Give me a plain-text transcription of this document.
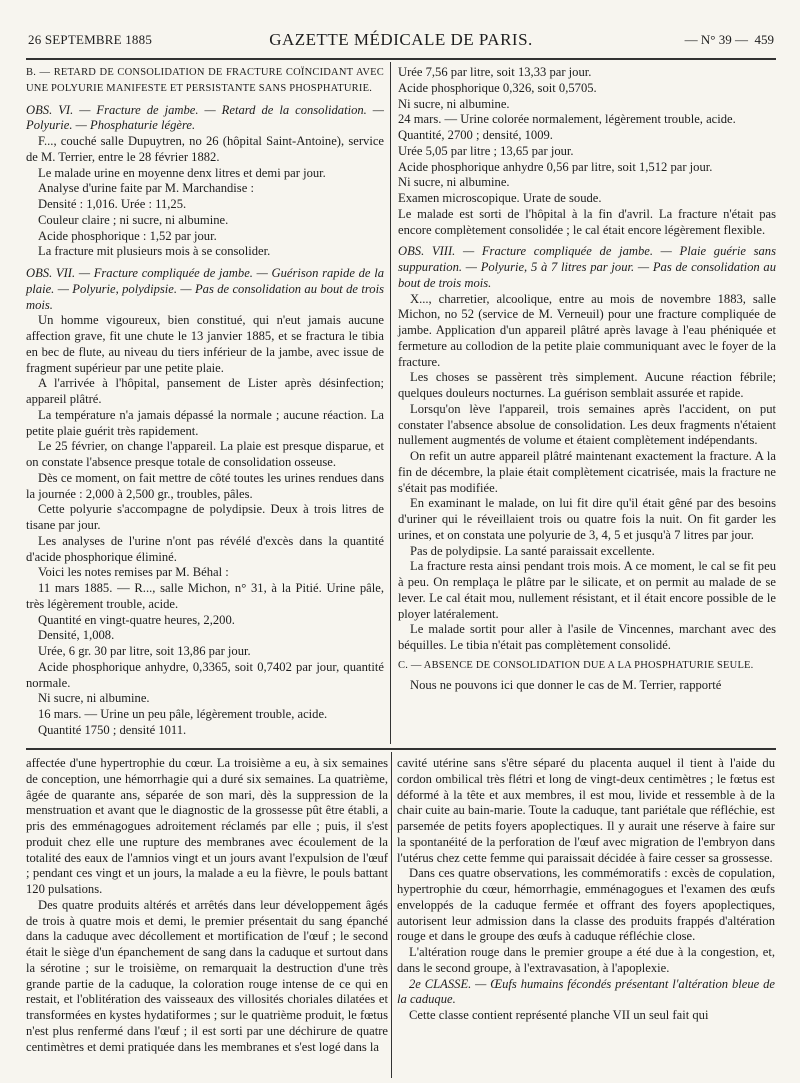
26 SEPTEMBRE 1885	GAZETTE MÉDICALE DE PARIS.	— N° 39 — 459

B. — RETARD DE CONSOLIDATION DE FRACTURE COÏNCIDANT AVEC UNE POLYURIE MANIFESTE ET PERSISTANTE SANS PHOSPHATURIE.

OBS. VI. — Fracture de jambe. — Retard de la consolidation. — Polyurie. — Phosphaturie légère.

F..., couché salle Dupuytren, no 26 (hôpital Saint-Antoine), service de M. Terrier, entre le 28 février 1882.

Le malade urine en moyenne denx litres et demi par jour.

Analyse d'urine faite par M. Marchandise :

Densité : 1,016. Urée : 11,25.

Couleur claire ; ni sucre, ni albumine.

Acide phosphorique : 1,52 par jour.

La fracture mit plusieurs mois à se consolider.

OBS. VII. — Fracture compliquée de jambe. — Guérison rapide de la plaie. — Polyurie, polydipsie. — Pas de consolidation au bout de trois mois.

Un homme vigoureux, bien constitué, qui n'eut jamais aucune affection grave, fit une chute le 13 janvier 1885, et se fractura le tibia en bec de flute, au niveau du tiers inférieur de la jambe, avec issue de fragment supérieur par une petite plaie.

A l'arrivée à l'hôpital, pansement de Lister après désinfection; appareil plâtré.

La température n'a jamais dépassé la normale ; aucune réaction. La petite plaie guérit très rapidement.

Le 25 février, on change l'appareil. La plaie est presque disparue, et on constate l'absence presque totale de consolidation osseuse.

Dès ce moment, on fait mettre de côté toutes les urines rendues dans la journée : 2,000 à 2,500 gr., troubles, pâles.

Cette polyurie s'accompagne de polydipsie. Deux à trois litres de tisane par jour.

Les analyses de l'urine n'ont pas révélé d'excès dans la quantité d'acide phosphorique éliminé.

Voici les notes remises par M. Béhal :

11 mars 1885. — R..., salle Michon, n° 31, à la Pitié. Urine pâle, très légèrement trouble, acide.

Quantité en vingt-quatre heures, 2,200.

Densité, 1,008.

Urée, 6 gr. 30 par litre, soit 13,86 par jour.

Acide phosphorique anhydre, 0,3365, soit 0,7402 par jour, quantité normale.

Ni sucre, ni albumine.

16 mars. — Urine un peu pâle, légèrement trouble, acide.

Quantité 1750 ; densité 1011.

Urée 7,56 par litre, soit 13,33 par jour.

Acide phosphorique 0,326, soit 0,5705.

Ni sucre, ni albumine.

24 mars. — Urine colorée normalement, légèrement trouble, acide.

Quantité, 2700 ; densité, 1009.

Urée 5,05 par litre ; 13,65 par jour.

Acide phosphorique anhydre 0,56 par litre, soit 1,512 par jour.

Ni sucre, ni albumine.

Examen microscopique. Urate de soude.

Le malade est sorti de l'hôpital à la fin d'avril. La fracture n'était pas encore complètement consolidée ; le cal était encore légèrement flexible.

OBS. VIII. — Fracture compliquée de jambe. — Plaie guérie sans suppuration. — Polyurie, 5 à 7 litres par jour. — Pas de consolidation au bout de trois mois.

X..., charretier, alcoolique, entre au mois de novembre 1883, salle Michon, no 52 (service de M. Verneuil) pour une fracture compliquée de jambe. Application d'un appareil plâtré après lavage à l'eau phéniquée et fermeture au collodion de la petite plaie communiquant avec le foyer de la fracture.

Les choses se passèrent très simplement. Aucune réaction fébrile; quelques douleurs nocturnes. La guérison semblait assurée et rapide.

Lorsqu'on lève l'appareil, trois semaines après l'accident, on put constater l'absence absolue de consolidation. Les deux fragments n'étaient nullement augmentés de volume et étaient complètement indépendants.

On refit un autre appareil plâtré maintenant exactement la fracture. A la fin de décembre, la plaie était complètement cicatrisée, mais la fracture ne s'était pas modifiée.

En examinant le malade, on lui fit dire qu'il était gêné par des besoins d'uriner qui le réveillaient trois ou quatre fois la nuit. On fit garder les urines, et on constata une polyurie de 3, 4, 5 et jusqu'à 7 litres par jour.

Pas de polydipsie. La santé paraissait excellente.

La fracture resta ainsi pendant trois mois. A ce moment, le cal se fit peu à peu. On remplaça le plâtre par le silicate, et on permit au malade de se lever. Le cal était mou, nullement résistant, et il était encore possible de le ployer latéralement.

Le malade sortit pour aller à l'asile de Vincennes, marchant avec des béquilles. Le tibia n'était pas complètement consolidé.

C. — ABSENCE DE CONSOLIDATION DUE A LA PHOSPHATURIE SEULE.

Nous ne pouvons ici que donner le cas de M. Terrier, rapporté

affectée d'une hypertrophie du cœur. La troisième a eu, à six semaines de conception, une hémorrhagie qui a duré six semaines. La quatrième, âgée de quarante ans, séparée de son mari, dès la suppression de la menstruation et avant que le diagnostic de la grossesse pût être établi, a pris des emménagogues adroitement réclamés par elle ; puis, il s'est produit chez elle une rupture des membranes avec écoulement de la totalité des eaux de l'amnios vingt et un jours avant l'expulsion de l'œuf ; pendant ces vingt et un jours, la malade a eu la fièvre, le pouls battant 120 pulsations.

Des quatre produits altérés et arrêtés dans leur développement âgés de trois à quatre mois et demi, le premier présentait du sang épanché dans la caduque avec décollement et mortification de l'œuf ; le second était le siège d'un épanchement de sang dans la caduque et surtout dans la sérotine ; sur le troisième, on remarquait la destruction d'une très grande partie de la caduque, la coloration rouge intense de ce qui en restait, et l'oblitération des vaisseaux des villosités choriales dilatées et transformées en kystes hydatiformes ; sur le quatrième produit, le fœtus n'est plus renfermé dans l'œuf ; il est sorti par une déchirure de quatre centimètres et demi pratiquée dans les membranes et s'est logé dans la

cavité utérine sans s'être séparé du placenta auquel il tient à l'aide du cordon ombilical très flétri et long de vingt-deux centimètres ; le fœtus est déformé à la tête et aux membres, il est mou, livide et ressemble à de la chair cuite au bain-marie. Toute la caduque, tant pariétale que réfléchie, est parsemée de petits foyers apoplectiques. Il y aurait une réserve à faire sur la spontanéité de la perforation de l'œuf avec migration de l'embryon dans l'utérus chez cette femme qui paraissait décidée à faire cesser sa grossesse.

Dans ces quatre observations, les commémoratifs : excès de copulation, hypertrophie du cœur, hémorrhagie, emménagogues et l'examen des œufs enveloppés de la caduque fermée et offrant des foyers apoplectiques, autorisent leur admission dans la classe des produits frappés d'altération rouge et dans le groupe des œufs à caduque réfléchie close.

L'altération rouge dans le premier groupe a été due à la congestion, et, dans le second groupe, à l'extravasation, à l'apoplexie.

2e CLASSE. — Œufs humains fécondés présentant l'altération bleue de la caduque.

Cette classe contient représenté planche VII un seul fait qui
